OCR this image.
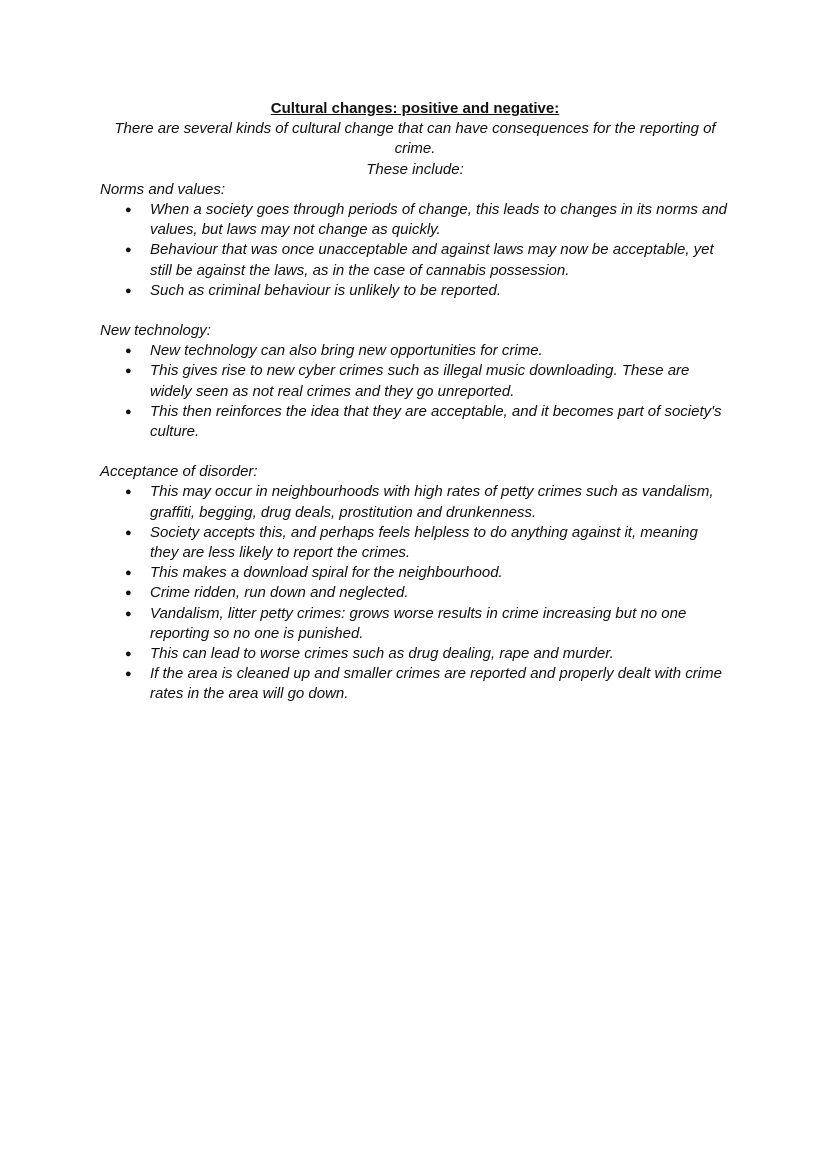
Cultural changes: positive and negative:

There are several kinds of cultural change that can have consequences for the reporting of crime.

These include:

Norms and values:

● When a society goes through periods of change, this leads to changes in its norms and values, but laws may not change as quickly.
● Behaviour that was once unacceptable and against laws may now be acceptable, yet still be against the laws, as in the case of cannabis possession.
● Such as criminal behaviour is unlikely to be reported.

New technology:

● New technology can also bring new opportunities for crime.
● This gives rise to new cyber crimes such as illegal music downloading. These are widely seen as not real crimes and they go unreported.
● This then reinforces the idea that they are acceptable, and it becomes part of society's culture.

Acceptance of disorder:

● This may occur in neighbourhoods with high rates of petty crimes such as vandalism, graffiti, begging, drug deals, prostitution and drunkenness.
● Society accepts this, and perhaps feels helpless to do anything against it, meaning they are less likely to report the crimes.
● This makes a download spiral for the neighbourhood.
● Crime ridden, run down and neglected.
● Vandalism, litter petty crimes: grows worse results in crime increasing but no one reporting so no one is punished.
● This can lead to worse crimes such as drug dealing, rape and murder.
● If the area is cleaned up and smaller crimes are reported and properly dealt with crime rates in the area will go down.
